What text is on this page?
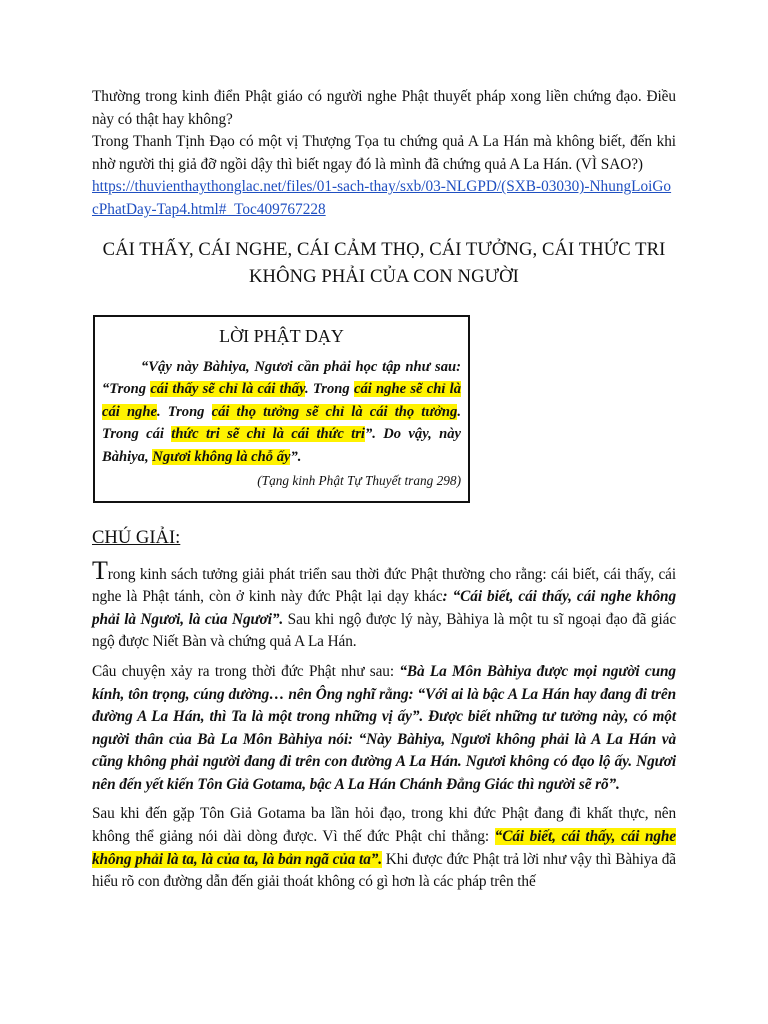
Thường trong kinh điển Phật giáo có người nghe Phật thuyết pháp xong liền chứng đạo. Điều này có thật hay không?

Trong Thanh Tịnh Đạo có một vị Thượng Tọa tu chứng quả A La Hán mà không biết, đến khi nhờ người thị giả đỡ ngồi dậy thì biết ngay đó là mình đã chứng quả A La Hán. (VÌ SAO?)

https://thuvienthaythonglac.net/files/01-sach-thay/sxb/03-NLGPD/(SXB-03030)-NhungLoiGocPhatDay-Tap4.html#_Toc409767228
CÁI THẤY, CÁI NGHE, CÁI CẢM THỌ, CÁI TƯỞNG, CÁI THỨC TRI KHÔNG PHẢI CỦA CON NGƯỜI
LỜI PHẬT DẠY

“Vậy này Bàhiya, Ngươi cần phải học tập như sau: “Trong cái thấy sẽ chỉ là cái thấy. Trong cái nghe sẽ chỉ là cái nghe. Trong cái thọ tưởng sẽ chỉ là cái thọ tưởng. Trong cái thức tri sẽ chỉ là cái thức tri”. Do vậy, này Bàhiya, Ngươi không là chỗ ấy”.

(Tạng kinh Phật Tự Thuyết trang 298)
CHÚ GIẢI:

Trong kinh sách tưởng giải phát triển sau thời đức Phật thường cho rằng: cái biết, cái thấy, cái nghe là Phật tánh, còn ở kinh này đức Phật lại dạy khác: “Cái biết, cái thấy, cái nghe không phải là Ngươi, là của Ngươi”. Sau khi ngộ được lý này, Bàhiya là một tu sĩ ngoại đạo đã giác ngộ được Niết Bàn và chứng quả A La Hán.

Câu chuyện xảy ra trong thời đức Phật như sau: “Bà La Môn Bàhiya được mọi người cung kính, tôn trọng, cúng dường… nên Ông nghĩ rằng: “Với ai là bậc A La Hán hay đang đi trên đường A La Hán, thì Ta là một trong những vị ấy”. Được biết những tư tưởng này, có một người thân của Bà La Môn Bàhiya nói: “Này Bàhiya, Ngươi không phải là A La Hán và cũng không phải người đang đi trên con đường A La Hán. Ngươi không có đạo lộ ấy. Ngươi nên đến yết kiến Tôn Giả Gotama, bậc A La Hán Chánh Đẳng Giác thì người sẽ rõ”.

Sau khi đến gặp Tôn Giả Gotama ba lần hỏi đạo, trong khi đức Phật đang đi khất thực, nên không thể giảng nói dài dòng được. Vì thế đức Phật chỉ thẳng: “Cái biết, cái thấy, cái nghe không phải là ta, là của ta, là bản ngã của ta”. Khi được đức Phật trả lời như vậy thì Bàhiya đã hiểu rõ con đường dẫn đến giải thoát không có gì hơn là các pháp trên thế
